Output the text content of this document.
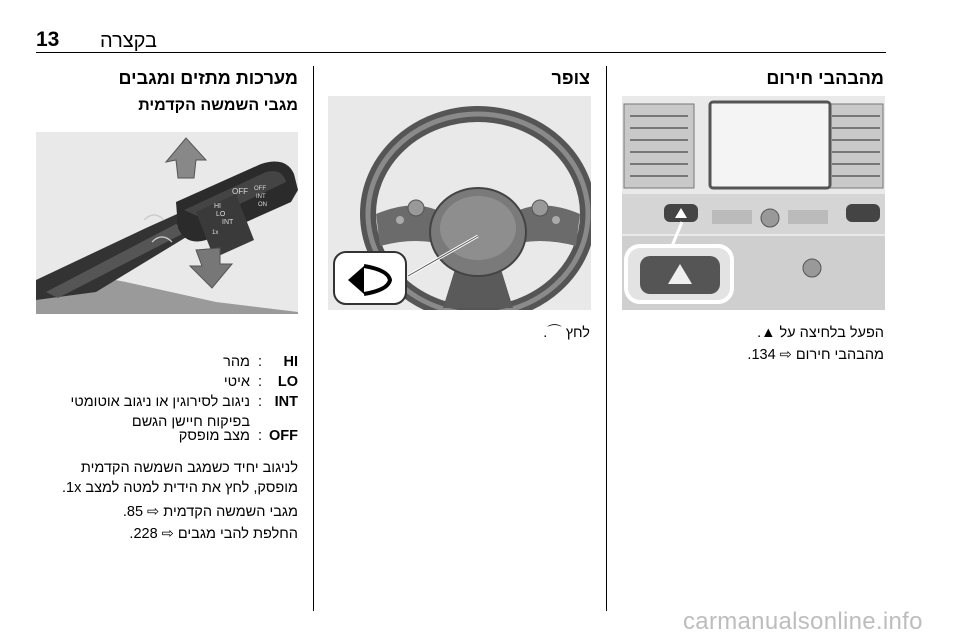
13 בקצרה
מערכות מתזים ומגבים
מגבי השמשה הקדמית
OFF
INT
LO
HI
1x
OFF
INT
ON
HI
:
מהר
LO
:
איטי
INT
:
ניגוב לסירוגין או ניגוב אוטומטי
בפיקוח חיישן הגשם
OFF
:
מצב מופסק
לניגוב יחיד כשמגב השמשה הקדמית
מופסק, לחץ את הידית למטה למצב 1x.
מגבי השמשה הקדמית ⇨ 85.
החלפת להבי מגבים ⇨ 228.
צופר
לחץ ⌒.
מהבהבי חירום
הפעל בלחיצה על ▲.
מהבהבי חירום ⇨ 134.
carmanualsonline.info
